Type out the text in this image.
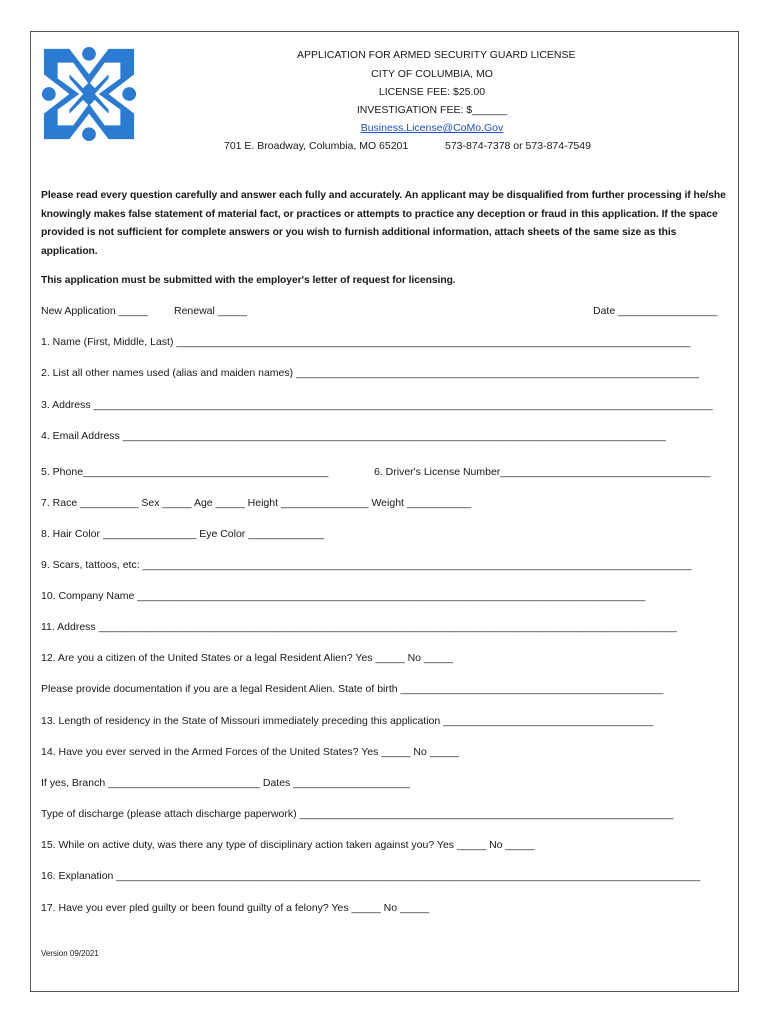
APPLICATION FOR ARMED SECURITY GUARD LICENSE
CITY OF COLUMBIA, MO
LICENSE FEE: $25.00
INVESTIGATION FEE: $______
Business.License@CoMo.Gov
701 E. Broadway, Columbia, MO 65201	573-874-7378 or 573-874-7549
Please read every question carefully and answer each fully and accurately. An applicant may be disqualified from further processing if he/she knowingly makes false statement of material fact, or practices or attempts to practice any deception or fraud in this application. If the space provided is not sufficient for complete answers or you wish to furnish additional information, attach sheets of the same size as this application.
This application must be submitted with the employer's letter of request for licensing.
New Application _____ Renewal _____	Date _________________
1. Name (First, Middle, Last) ________________________________________________________________________________________
2. List all other names used (alias and maiden names) _____________________________________________________________________
3. Address __________________________________________________________________________________________________________
4. Email Address _____________________________________________________________________________________________
5. Phone__________________________________________	6. Driver's License Number____________________________________
7. Race __________ Sex _____ Age _____ Height _______________ Weight ___________
8. Hair Color ________________ Eye Color _____________
9. Scars, tattoos, etc: ______________________________________________________________________________________________
10. Company Name _______________________________________________________________________________________
11. Address ___________________________________________________________________________________________________
12. Are you a citizen of the United States or a legal Resident Alien? Yes _____ No _____
Please provide documentation if you are a legal Resident Alien. State of birth _____________________________________________
13. Length of residency in the State of Missouri immediately preceding this application ____________________________________
14. Have you ever served in the Armed Forces of the United States? Yes _____ No _____
If yes, Branch __________________________ Dates ____________________
Type of discharge (please attach discharge paperwork) ________________________________________________________________
15. While on active duty, was there any type of disciplinary action taken against you? Yes _____ No _____
16. Explanation ____________________________________________________________________________________________________
17. Have you ever pled guilty or been found guilty of a felony? Yes _____ No _____
Version 09/2021
